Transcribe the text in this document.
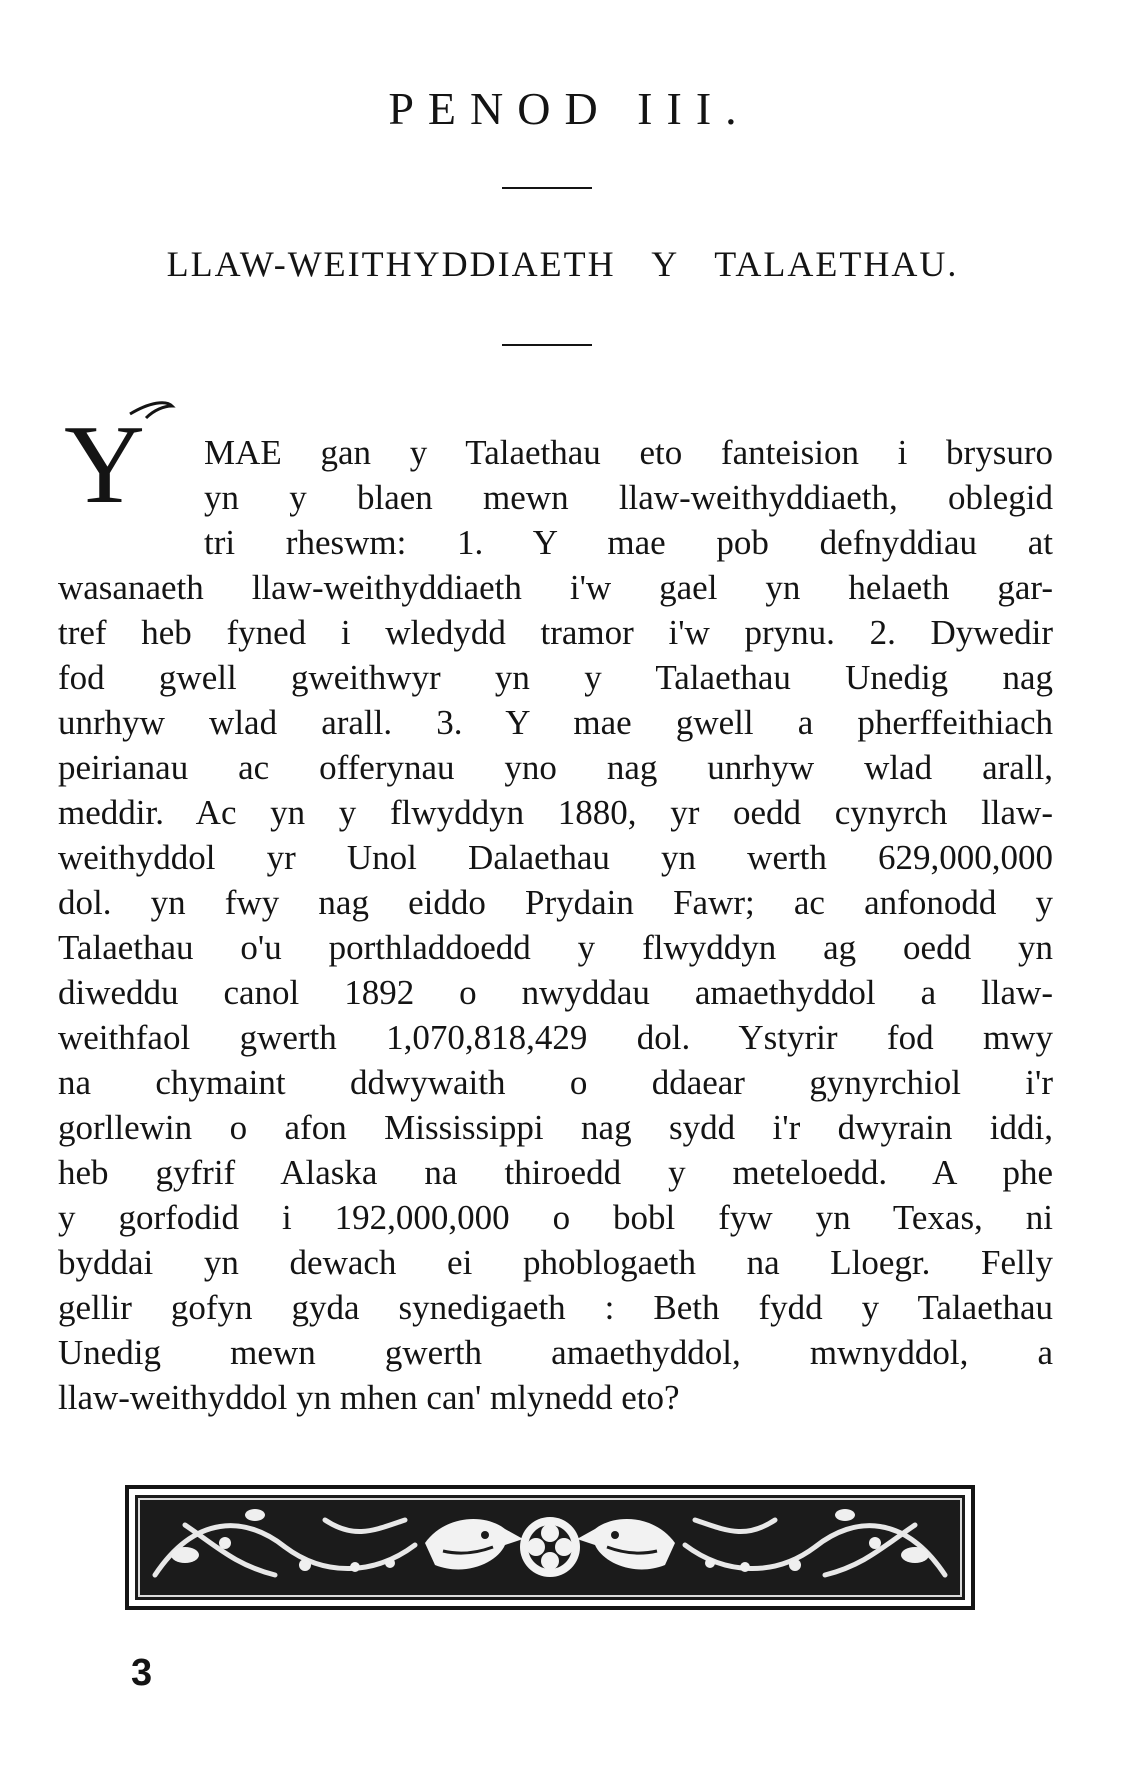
PENOD III.
LLAW-WEITHYDDIAETH Y TALAETHAU.
Y MAE gan y Talaethau eto fanteision i brysuro
yn y blaen mewn llaw-weithyddiaeth, oblegid
tri rheswm: 1. Y mae pob defnyddiau at
wasanaeth llaw-weithyddiaeth i'w gael yn helaeth gar-
tref heb fyned i wledydd tramor i'w prynu. 2. Dywedir
fod gwell gweithwyr yn y Talaethau Unedig nag
unrhyw wlad arall. 3. Y mae gwell a pherffeithiach
peirianau ac offerynau yno nag unrhyw wlad arall,
meddir. Ac yn y flwyddyn 1880, yr oedd cynyrch llaw-
weithyddol yr Unol Dalaethau yn werth 629,000,000
dol. yn fwy nag eiddo Prydain Fawr; ac anfonodd y
Talaethau o'u porthladdoedd y flwyddyn ag oedd yn
diweddu canol 1892 o nwyddau amaethyddol a llaw-
weithfaol gwerth 1,070,818,429 dol. Ystyrir fod mwy
na chymaint ddwywaith o ddaear gynyrchiol i'r
gorllewin o afon Mississippi nag sydd i'r dwyrain iddi,
heb gyfrif Alaska na thiroedd y meteloedd. A phe
y gorfodid i 192,000,000 o bobl fyw yn Texas, ni
byddai yn dewach ei phoblogaeth na Lloegr. Felly
gellir gofyn gyda synedigaeth : Beth fydd y Talaethau
Unedig mewn gwerth amaethyddol, mwnyddol, a
llaw-weithyddol yn mhen can' mlynedd eto?
3
